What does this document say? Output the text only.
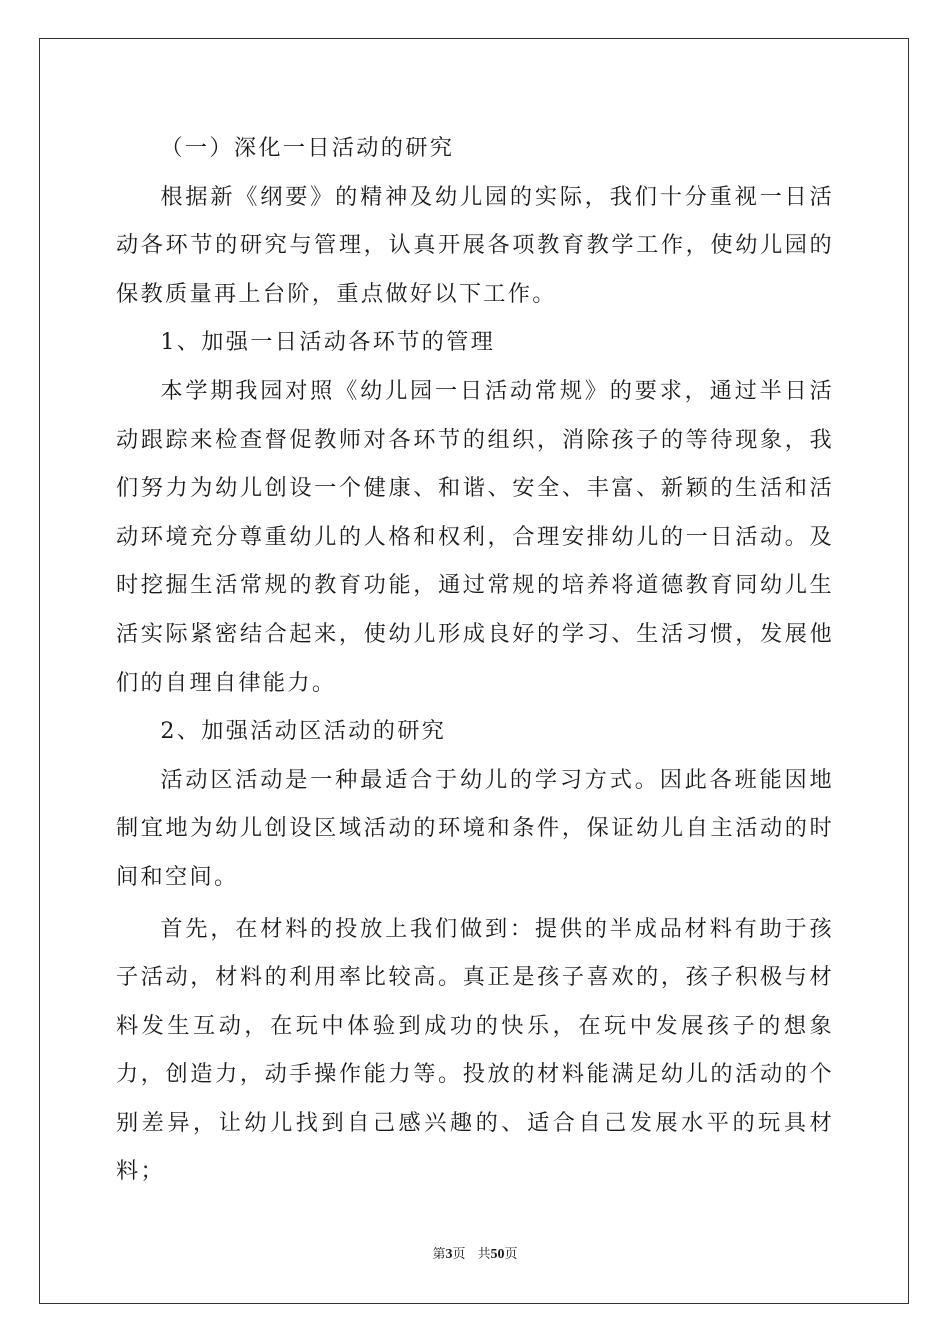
（一）深化一日活动的研究

根据新《纲要》的精神及幼儿园的实际，我们十分重视一日活动各环节的研究与管理，认真开展各项教育教学工作，使幼儿园的保教质量再上台阶，重点做好以下工作。

1、加强一日活动各环节的管理

本学期我园对照《幼儿园一日活动常规》的要求，通过半日活动跟踪来检查督促教师对各环节的组织，消除孩子的等待现象，我们努力为幼儿创设一个健康、和谐、安全、丰富、新颖的生活和活动环境充分尊重幼儿的人格和权利，合理安排幼儿的一日活动。及时挖掘生活常规的教育功能，通过常规的培养将道德教育同幼儿生活实际紧密结合起来，使幼儿形成良好的学习、生活习惯，发展他们的自理自律能力。

2、加强活动区活动的研究

活动区活动是一种最适合于幼儿的学习方式。因此各班能因地制宜地为幼儿创设区域活动的环境和条件，保证幼儿自主活动的时间和空间。

首先，在材料的投放上我们做到：提供的半成品材料有助于孩子活动，材料的利用率比较高。真正是孩子喜欢的，孩子积极与材料发生互动，在玩中体验到成功的快乐，在玩中发展孩子的想象力，创造力，动手操作能力等。投放的材料能满足幼儿的活动的个别差异，让幼儿找到自己感兴趣的、适合自己发展水平的玩具材料；

第3页 共50页
